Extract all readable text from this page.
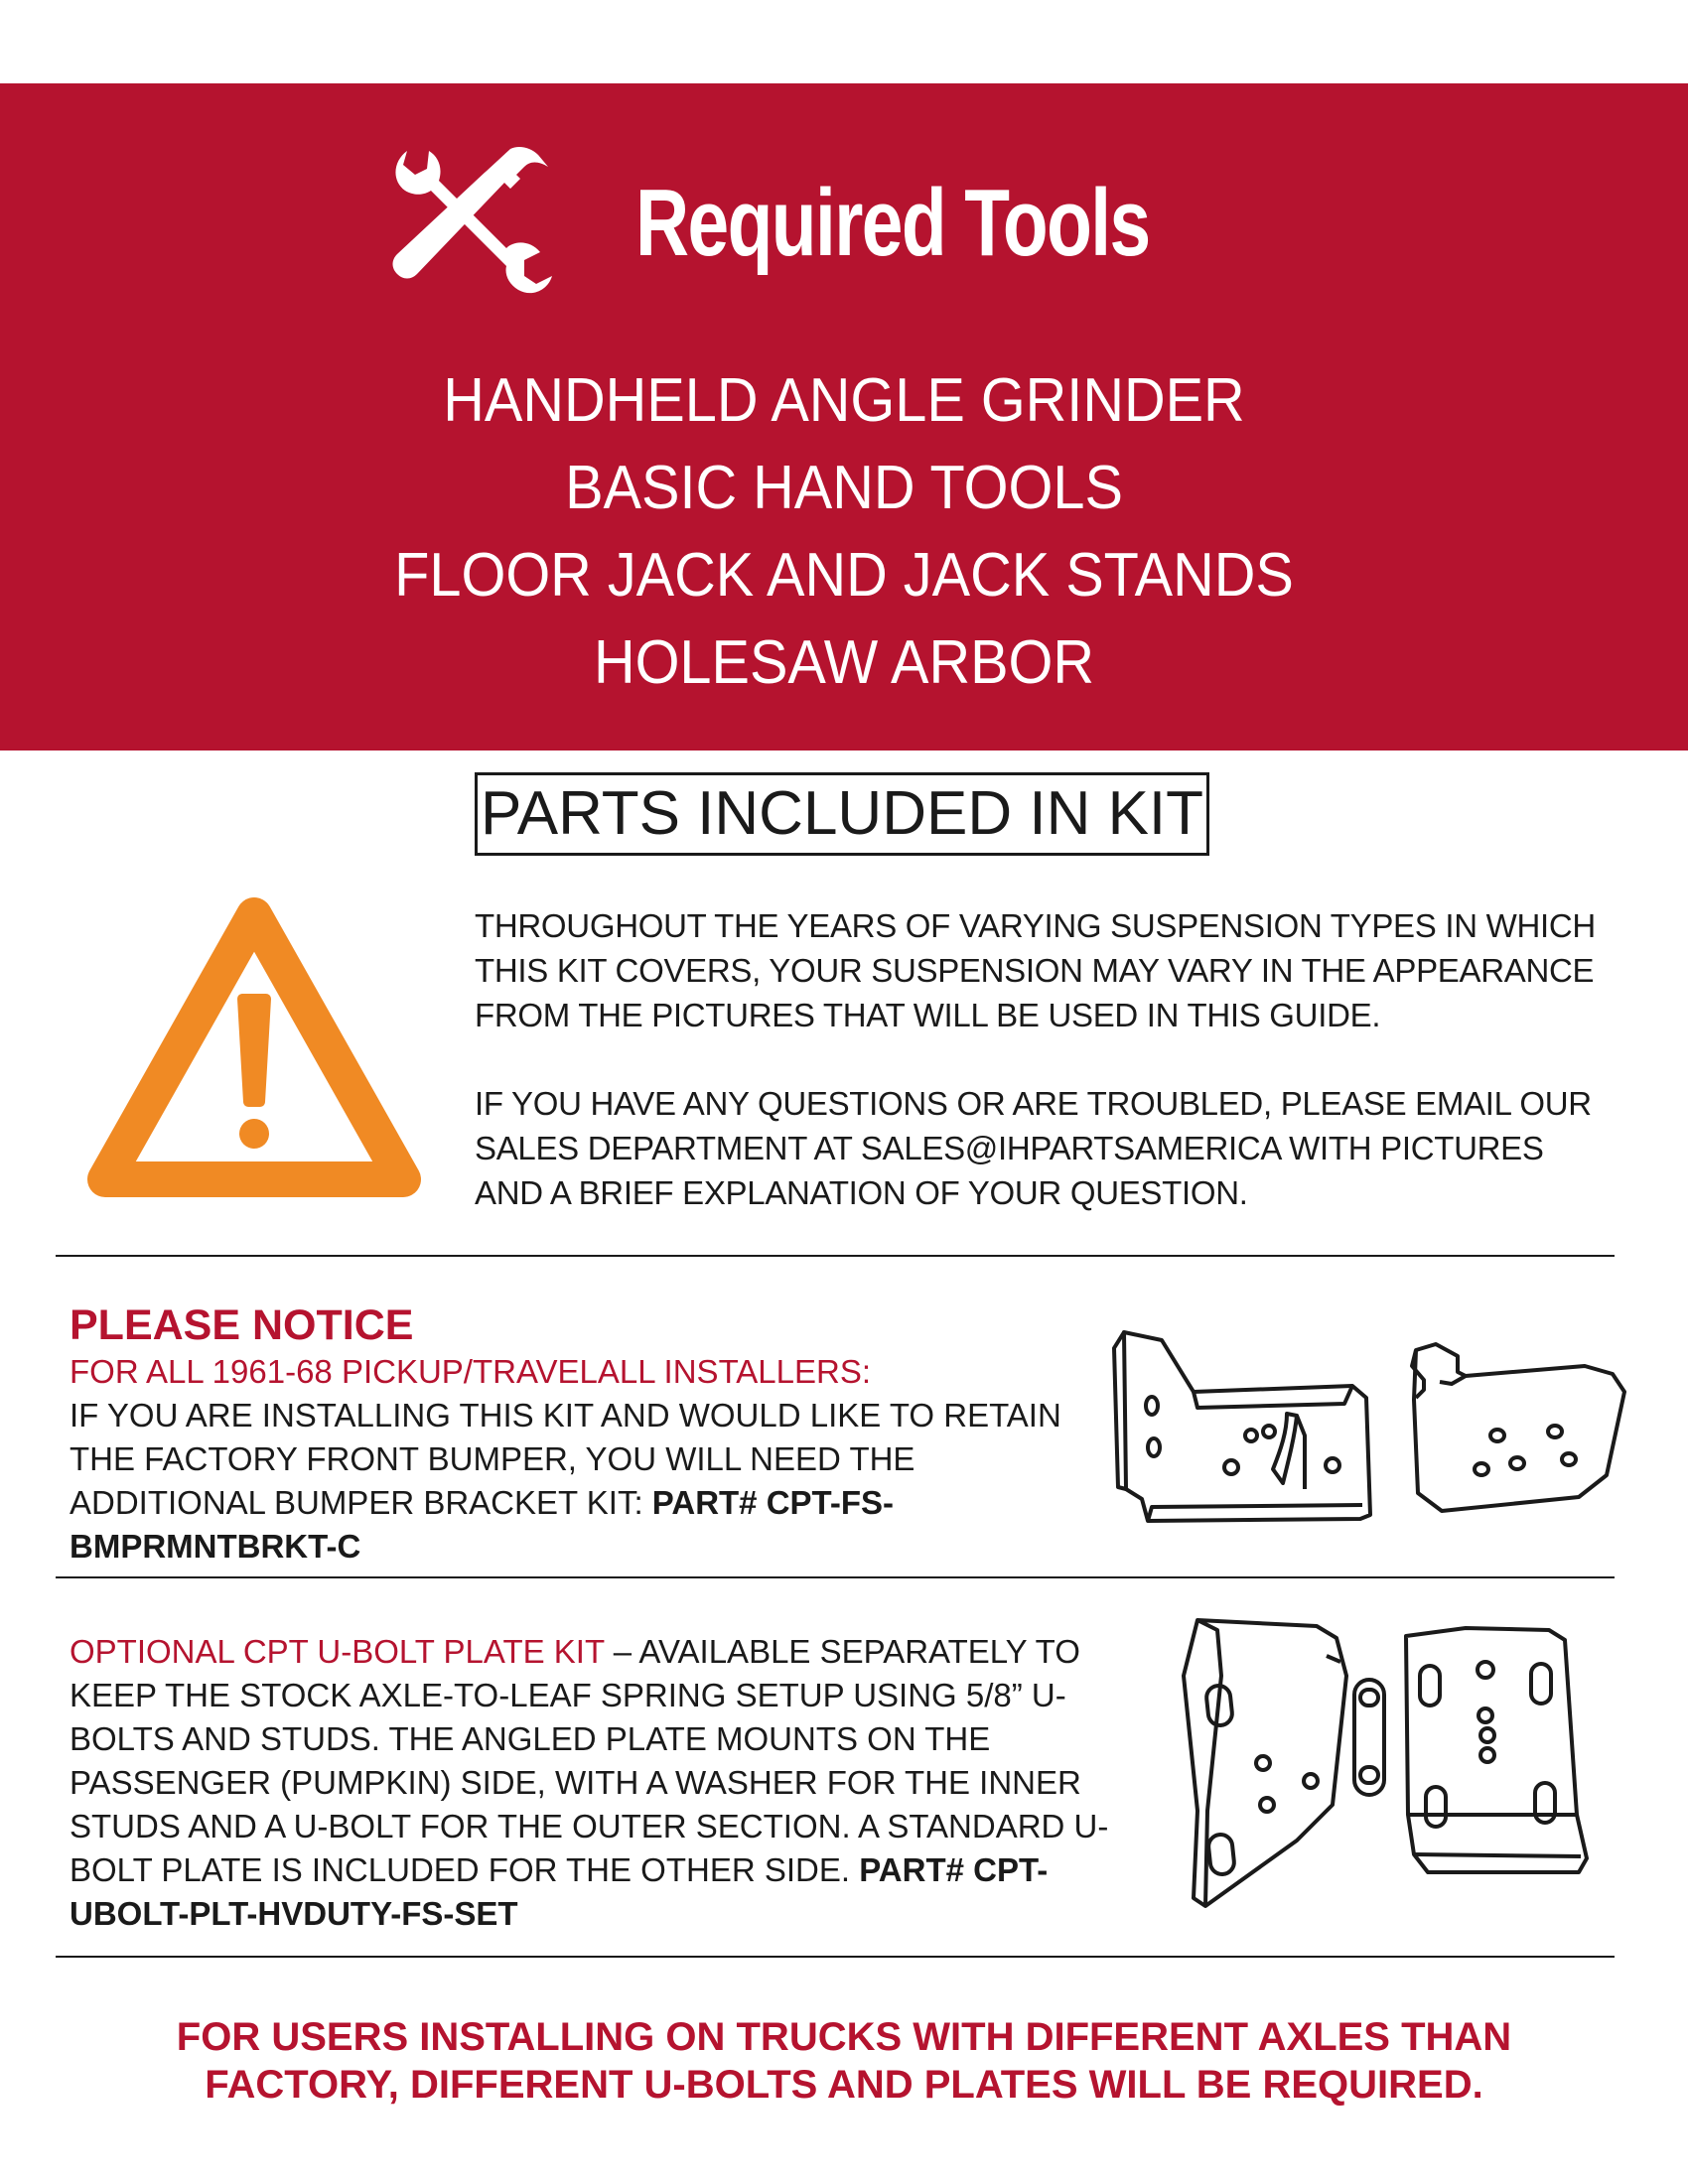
Required Tools
HANDHELD ANGLE GRINDER
BASIC HAND TOOLS
FLOOR JACK AND JACK STANDS
HOLESAW ARBOR
PARTS INCLUDED IN KIT

THROUGHOUT THE YEARS OF VARYING SUSPENSION TYPES IN WHICH THIS KIT COVERS, YOUR SUSPENSION MAY VARY IN THE APPEARANCE FROM THE PICTURES THAT WILL BE USED IN THIS GUIDE.

IF YOU HAVE ANY QUESTIONS OR ARE TROUBLED, PLEASE EMAIL OUR SALES DEPARTMENT AT SALES@IHPARTSAMERICA WITH PICTURES AND A BRIEF EXPLANATION OF YOUR QUESTION.

PLEASE NOTICE

FOR ALL 1961-68 PICKUP/TRAVELALL INSTALLERS:

IF YOU ARE INSTALLING THIS KIT AND WOULD LIKE TO RETAIN THE FACTORY FRONT BUMPER, YOU WILL NEED THE ADDITIONAL BUMPER BRACKET KIT: PART# CPT-FS-BMPRMNTBRKT-C

OPTIONAL CPT U-BOLT PLATE KIT – AVAILABLE SEPARATELY TO KEEP THE STOCK AXLE-TO-LEAF SPRING SETUP USING 5/8” U-BOLTS AND STUDS. THE ANGLED PLATE MOUNTS ON THE PASSENGER (PUMPKIN) SIDE, WITH A WASHER FOR THE INNER STUDS AND A U-BOLT FOR THE OUTER SECTION. A STANDARD U-BOLT PLATE IS INCLUDED FOR THE OTHER SIDE. PART# CPT-UBOLT-PLT-HVDUTY-FS-SET

FOR USERS INSTALLING ON TRUCKS WITH DIFFERENT AXLES THAN
FACTORY, DIFFERENT U-BOLTS AND PLATES WILL BE REQUIRED.
